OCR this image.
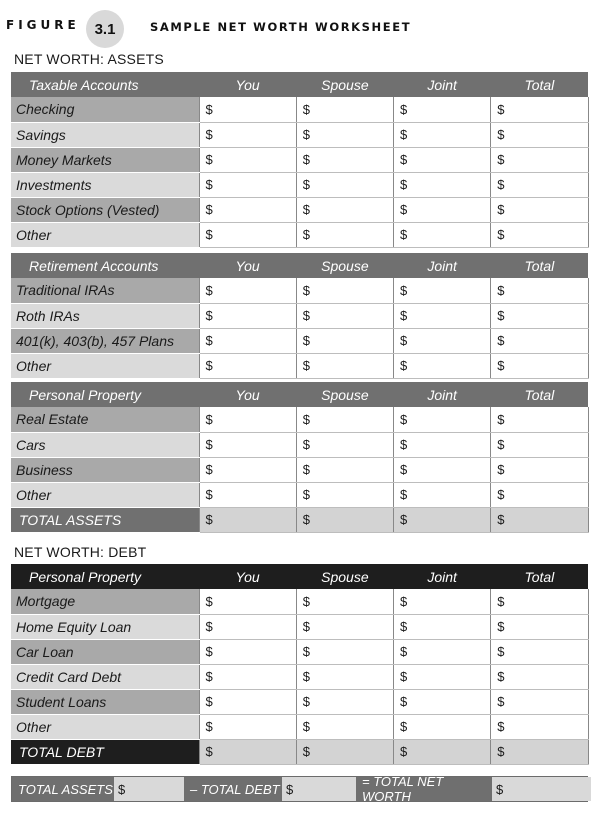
FIGURE 3.1	SAMPLE NET WORTH WORKSHEET
NET WORTH: ASSETS
Taxable Accounts	You	Spouse	Joint	Total
Checking	$	$	$	$
Savings	$	$	$	$
Money Markets	$	$	$	$
Investments	$	$	$	$
Stock Options (Vested)	$	$	$	$
Other	$	$	$	$
Retirement Accounts	You	Spouse	Joint	Total
Traditional IRAs	$	$	$	$
Roth IRAs	$	$	$	$
401(k), 403(b), 457 Plans	$	$	$	$
Other	$	$	$	$
Personal Property	You	Spouse	Joint	Total
Real Estate	$	$	$	$
Cars	$	$	$	$
Business	$	$	$	$
Other	$	$	$	$
TOTAL ASSETS	$	$	$	$
NET WORTH: DEBT
Personal Property	You	Spouse	Joint	Total
Mortgage	$	$	$	$
Home Equity Loan	$	$	$	$
Car Loan	$	$	$	$
Credit Card Debt	$	$	$	$
Student Loans	$	$	$	$
Other	$	$	$	$
TOTAL DEBT	$	$	$	$
TOTAL ASSETS $	– TOTAL DEBT $	= TOTAL NET WORTH	$
